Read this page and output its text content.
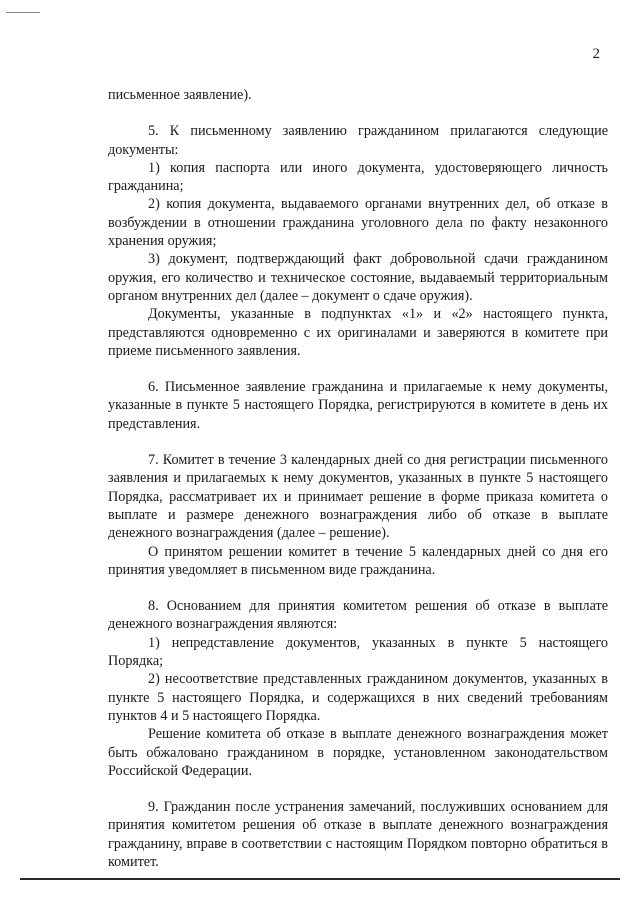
2

письменное заявление).

5. К письменному заявлению гражданином прилагаются следующие документы:

1) копия паспорта или иного документа, удостоверяющего личность гражданина;

2) копия документа, выдаваемого органами внутренних дел, об отказе в возбуждении в отношении гражданина уголовного дела по факту незаконного хранения оружия;

3) документ, подтверждающий факт добровольной сдачи гражданином оружия, его количество и техническое состояние, выдаваемый территориальным органом внутренних дел (далее – документ о сдаче оружия).

Документы, указанные в подпунктах «1» и «2» настоящего пункта, представляются одновременно с их оригиналами и заверяются в комитете при приеме письменного заявления.

6. Письменное заявление гражданина и прилагаемые к нему документы, указанные в пункте 5 настоящего Порядка, регистрируются в комитете в день их представления.

7. Комитет в течение 3 календарных дней со дня регистрации письменного заявления и прилагаемых к нему документов, указанных в пункте 5 настоящего Порядка, рассматривает их и принимает решение в форме приказа комитета о выплате и размере денежного вознаграждения либо об отказе в выплате денежного вознаграждения (далее – решение).

О принятом решении комитет в течение 5 календарных дней со дня его принятия уведомляет в письменном виде гражданина.

8. Основанием для принятия комитетом решения об отказе в выплате денежного вознаграждения являются:

1) непредставление документов, указанных в пункте 5 настоящего Порядка;

2) несоответствие представленных гражданином документов, указанных в пункте 5 настоящего Порядка, и содержащихся в них сведений требованиям пунктов 4 и 5 настоящего Порядка.

Решение комитета об отказе в выплате денежного вознаграждения может быть обжаловано гражданином в порядке, установленном законодательством Российской Федерации.

9. Гражданин после устранения замечаний, послуживших основанием для принятия комитетом решения об отказе в выплате денежного вознаграждения гражданину, вправе в соответствии с настоящим Порядком повторно обратиться в комитет.
